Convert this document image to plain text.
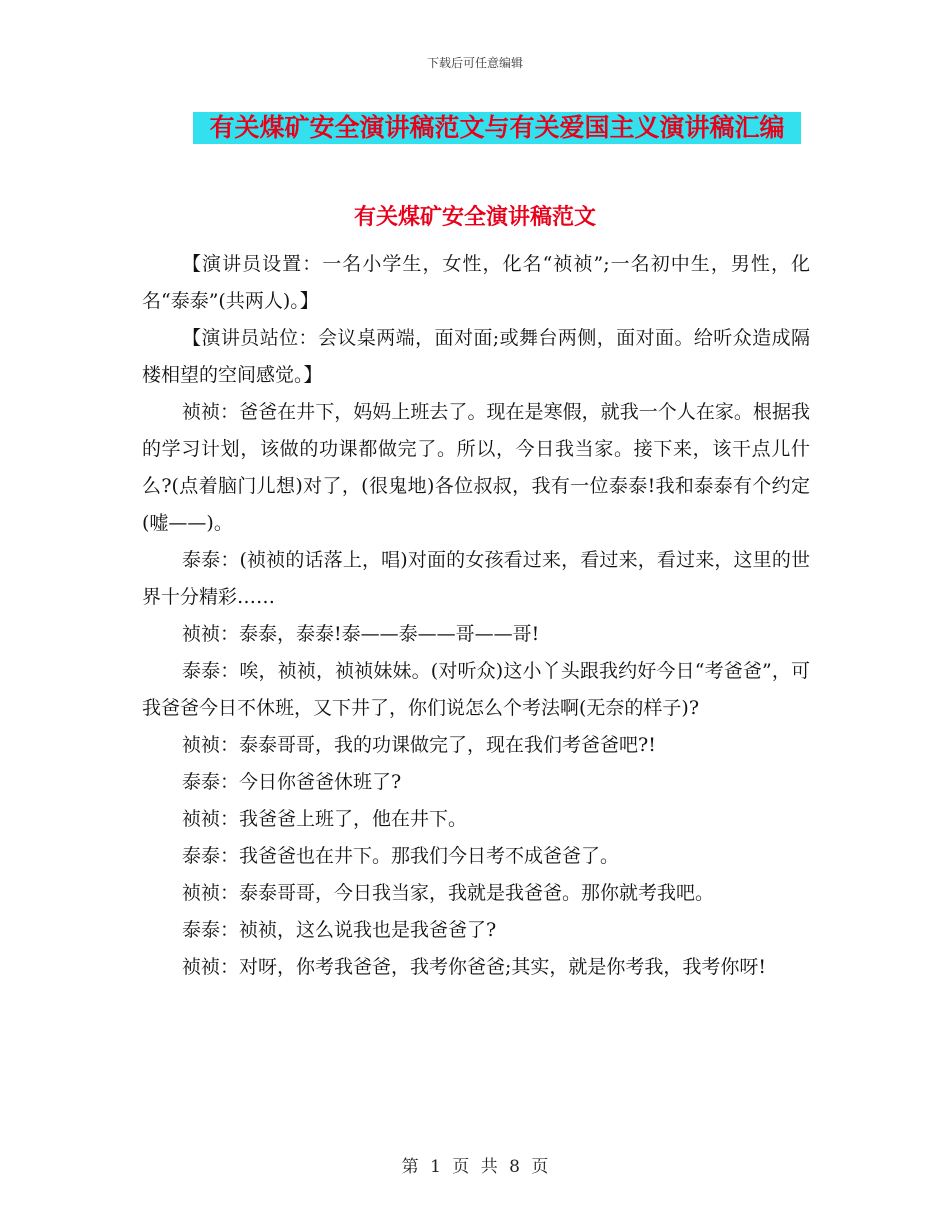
下载后可任意编辑
有关煤矿安全演讲稿范文与有关爱国主义演讲稿汇编
有关煤矿安全演讲稿范文

【演讲员设置：一名小学生，女性，化名“祯祯”;一名初中生，男性，化名“泰泰”(共两人)。】

【演讲员站位：会议桌两端，面对面;或舞台两侧，面对面。给听众造成隔楼相望的空间感觉。】

祯祯：爸爸在井下，妈妈上班去了。现在是寒假，就我一个人在家。根据我的学习计划，该做的功课都做完了。所以，今日我当家。接下来，该干点儿什么?(点着脑门儿想)对了，(很鬼地)各位叔叔，我有一位泰泰!我和泰泰有个约定(嘘——)。

泰泰：(祯祯的话落上，唱)对面的女孩看过来，看过来，看过来，这里的世界十分精彩……

祯祯：泰泰，泰泰!泰——泰——哥——哥!

泰泰：唉，祯祯，祯祯妹妹。(对听众)这小丫头跟我约好今日“考爸爸”，可我爸爸今日不休班，又下井了，你们说怎么个考法啊(无奈的样子)?

祯祯：泰泰哥哥，我的功课做完了，现在我们考爸爸吧?!

泰泰：今日你爸爸休班了?

祯祯：我爸爸上班了，他在井下。

泰泰：我爸爸也在井下。那我们今日考不成爸爸了。

祯祯：泰泰哥哥，今日我当家，我就是我爸爸。那你就考我吧。

泰泰：祯祯，这么说我也是我爸爸了?

祯祯：对呀，你考我爸爸，我考你爸爸;其实，就是你考我，我考你呀!

第 1 页 共 8 页
